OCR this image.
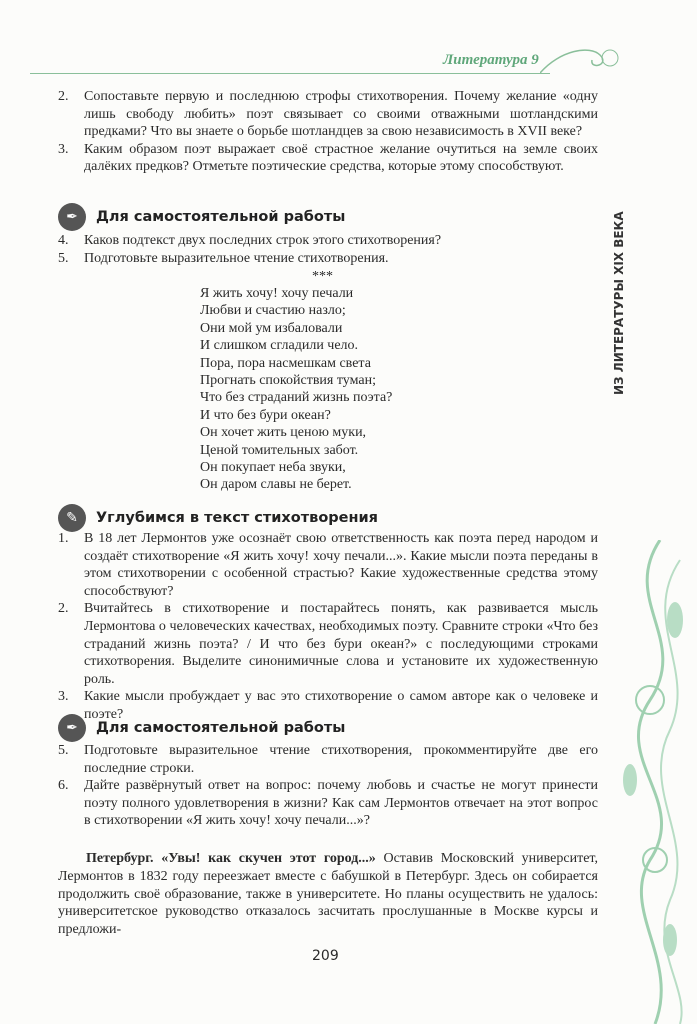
Литература 9
ИЗ ЛИТЕРАТУРЫ XIX ВЕКА
2. Сопоставьте первую и последнюю строфы стихотворения. Почему желание «одну лишь свободу любить» поэт связывает со своими отважными шотландскими предками? Что вы знаете о борьбе шотландцев за свою независимость в XVII веке?
3. Каким образом поэт выражает своё страстное желание очутиться на земле своих далёких предков? Отметьте поэтические средства, которые этому способствуют.
✒ Для самостоятельной работы
4. Каков подтекст двух последних строк этого стихотворения?
5. Подготовьте выразительное чтение стихотворения.
***
Я жить хочу! хочу печали
Любви и счастию назло;
Они мой ум избаловали
И слишком сгладили чело.
Пора, пора насмешкам света
Прогнать спокойствия туман;
Что без страданий жизнь поэта?
И что без бури океан?
Он хочет жить ценою муки,
Ценой томительных забот.
Он покупает неба звуки,
Он даром славы не берет.
✎ Углубимся в текст стихотворения
1. В 18 лет Лермонтов уже осознаёт свою ответственность как поэта перед народом и создаёт стихотворение «Я жить хочу! хочу печали...». Какие мысли поэта переданы в этом стихотворении с особенной страстью? Какие художественные средства этому способствуют?
2. Вчитайтесь в стихотворение и постарайтесь понять, как развивается мысль Лермонтова о человеческих качествах, необходимых поэту. Сравните строки «Что без страданий жизнь поэта? / И что без бури океан?» с последующими строками стихотворения. Выделите синонимичные слова и установите их художественную роль.
3. Какие мысли пробуждает у вас это стихотворение о самом авторе как о человеке и поэте?
✒ Для самостоятельной работы
5. Подготовьте выразительное чтение стихотворения, прокомментируйте две его последние строки.
6. Дайте развёрнутый ответ на вопрос: почему любовь и счастье не могут принести поэту полного удовлетворения в жизни? Как сам Лермонтов отвечает на этот вопрос в стихотворении «Я жить хочу! хочу печали...»?
Петербург. «Увы! как скучен этот город...» Оставив Московский университет, Лермонтов в 1832 году переезжает вместе с бабушкой в Петербург. Здесь он собирается продолжить своё образование, также в университете. Но планы осуществить не удалось: университетское руководство отказалось засчитать прослушанные в Москве курсы и предложи-
209
